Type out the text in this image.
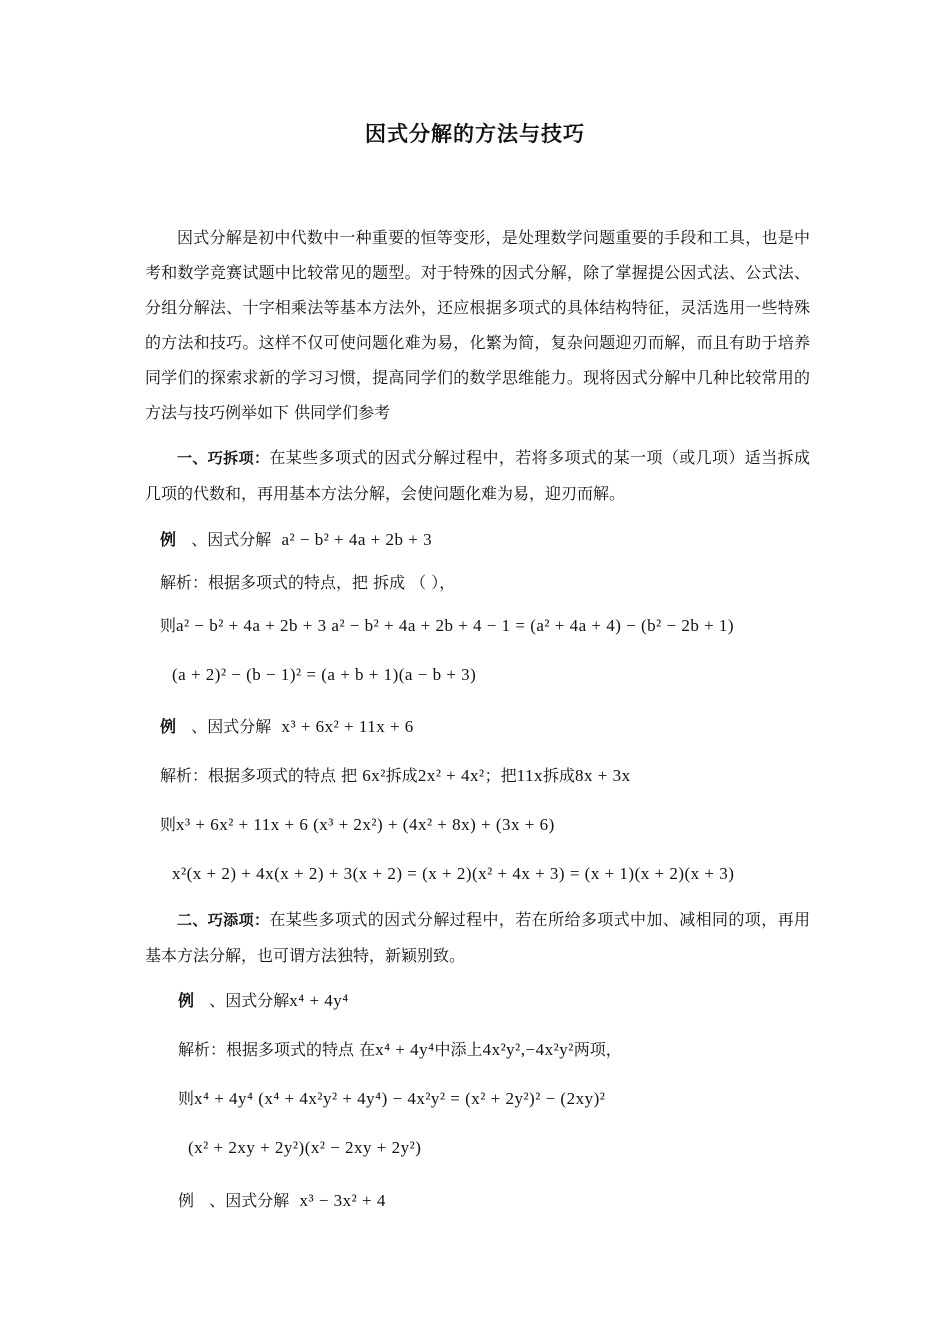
因式分解的方法与技巧

因式分解是初中代数中一种重要的恒等变形，是处理数学问题重要的手段和工具，也是中考和数学竞赛试题中比较常见的题型。对于特殊的因式分解，除了掌握提公因式法、公式法、分组分解法、十字相乘法等基本方法外，还应根据多项式的具体结构特征，灵活选用一些特殊的方法和技巧。这样不仅可使问题化难为易，化繁为简，复杂问题迎刃而解，而且有助于培养同学们的探索求新的学习习惯，提高同学们的数学思维能力。现将因式分解中几种比较常用的方法与技巧例举如下 供同学们参考

一、巧拆项：在某些多项式的因式分解过程中，若将多项式的某一项（或几项）适当拆成几项的代数和，再用基本方法分解，会使问题化难为易，迎刃而解。

例 、因式分解 a² − b² + 4a + 2b + 3
解析：根据多项式的特点，把 拆成 （ ），
则a² − b² + 4a + 2b + 3 a² − b² + 4a + 2b + 4 − 1 = (a² + 4a + 4) − (b² − 2b + 1)
(a + 2)² − (b − 1)² = (a + b + 1)(a − b + 3)
例 、因式分解 x³ + 6x² + 11x + 6
解析：根据多项式的特点 把 6x²拆成2x² + 4x²；把11x拆成8x + 3x
则x³ + 6x² + 11x + 6 (x³ + 2x²) + (4x² + 8x) + (3x + 6)
x²(x + 2) + 4x(x + 2) + 3(x + 2) = (x + 2)(x² + 4x + 3) = (x + 1)(x + 2)(x + 3)

二、巧添项：在某些多项式的因式分解过程中，若在所给多项式中加、减相同的项，再用基本方法分解，也可谓方法独特，新颖别致。

例 、因式分解x⁴ + 4y⁴
解析：根据多项式的特点 在x⁴ + 4y⁴中添上4x²y²,−4x²y²两项，
则x⁴ + 4y⁴ (x⁴ + 4x²y² + 4y⁴) − 4x²y² = (x² + 2y²)² − (2xy)²
(x² + 2xy + 2y²)(x² − 2xy + 2y²)
例 、因式分解 x³ − 3x² + 4
